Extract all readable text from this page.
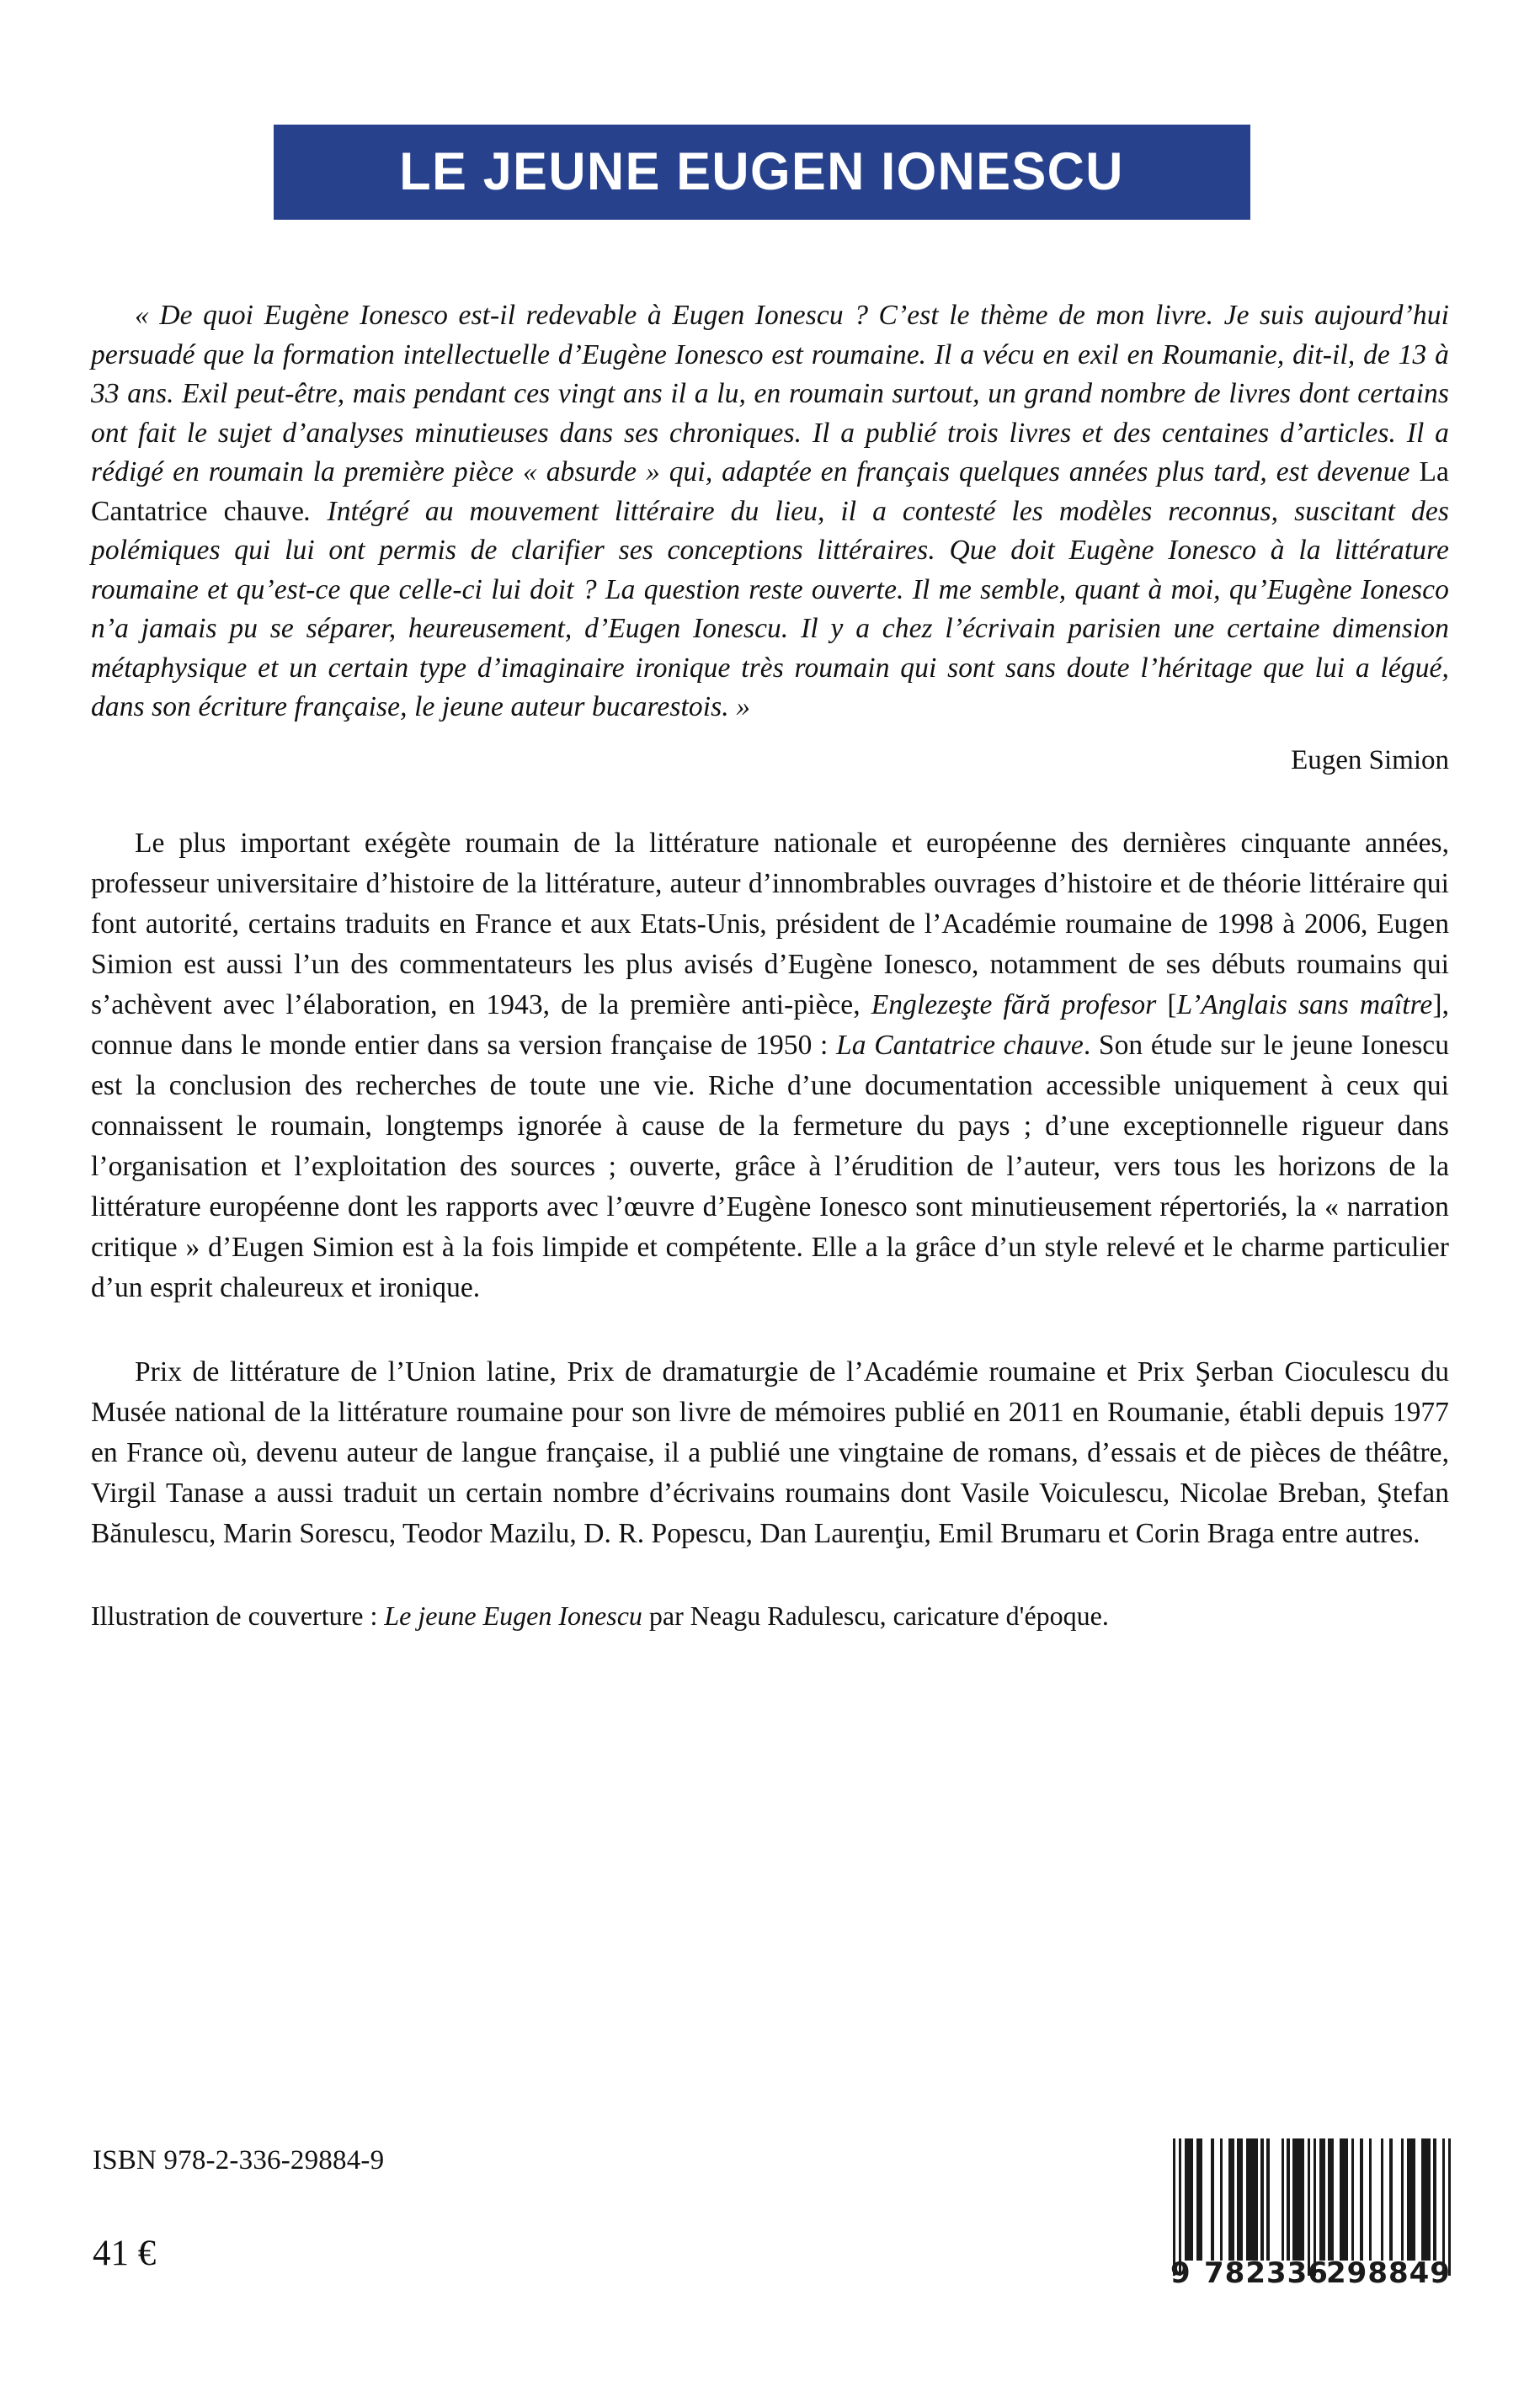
LE JEUNE EUGEN IONESCU

« De quoi Eugène Ionesco est-il redevable à Eugen Ionescu ? C’est le thème de mon livre. Je suis aujourd’hui persuadé que la formation intellectuelle d’Eugène Ionesco est roumaine. Il a vécu en exil en Roumanie, dit-il, de 13 à 33 ans. Exil peut-être, mais pendant ces vingt ans il a lu, en roumain surtout, un grand nombre de livres dont certains ont fait le sujet d’analyses minutieuses dans ses chroniques. Il a publié trois livres et des centaines d’articles. Il a rédigé en roumain la première pièce « absurde » qui, adaptée en français quelques années plus tard, est devenue La Cantatrice chauve. Intégré au mouvement littéraire du lieu, il a contesté les modèles reconnus, suscitant des polémiques qui lui ont permis de clarifier ses conceptions littéraires. Que doit Eugène Ionesco à la littérature roumaine et qu’est-ce que celle-ci lui doit ? La question reste ouverte. Il me semble, quant à moi, qu’Eugène Ionesco n’a jamais pu se séparer, heureusement, d’Eugen Ionescu. Il y a chez l’écrivain parisien une certaine dimension métaphysique et un certain type d’imaginaire ironique très roumain qui sont sans doute l’héritage que lui a légué, dans son écriture française, le jeune auteur bucarestois. »

Eugen Simion

Le plus important exégète roumain de la littérature nationale et européenne des dernières cinquante années, professeur universitaire d’histoire de la littérature, auteur d’innombrables ouvrages d’histoire et de théorie littéraire qui font autorité, certains traduits en France et aux Etats-Unis, président de l’Académie roumaine de 1998 à 2006, Eugen Simion est aussi l’un des commentateurs les plus avisés d’Eugène Ionesco, notamment de ses débuts roumains qui s’achèvent avec l’élaboration, en 1943, de la première anti-pièce, Englezeşte fără profesor [L’Anglais sans maître], connue dans le monde entier dans sa version française de 1950 : La Cantatrice chauve. Son étude sur le jeune Ionescu est la conclusion des recherches de toute une vie. Riche d’une documentation accessible uniquement à ceux qui connaissent le roumain, longtemps ignorée à cause de la fermeture du pays ; d’une exceptionnelle rigueur dans l’organisation et l’exploitation des sources ; ouverte, grâce à l’érudition de l’auteur, vers tous les horizons de la littérature européenne dont les rapports avec l’œuvre d’Eugène Ionesco sont minutieusement répertoriés, la « narration critique » d’Eugen Simion est à la fois limpide et compétente. Elle a la grâce d’un style relevé et le charme particulier d’un esprit chaleureux et ironique.

Prix de littérature de l’Union latine, Prix de dramaturgie de l’Académie roumaine et Prix Şerban Cioculescu du Musée national de la littérature roumaine pour son livre de mémoires publié en 2011 en Roumanie, établi depuis 1977 en France où, devenu auteur de langue française, il a publié une vingtaine de romans, d’essais et de pièces de théâtre, Virgil Tanase a aussi traduit un certain nombre d’écrivains roumains dont Vasile Voiculescu, Nicolae Breban, Ştefan Bănulescu, Marin Sorescu, Teodor Mazilu, D. R. Popescu, Dan Laurenţiu, Emil Brumaru et Corin Braga entre autres.

Illustration de couverture : Le jeune Eugen Ionescu par Neagu Radulescu, caricature d'époque.

ISBN 978-2-336-29884-9
41 €	9 782336
298849
